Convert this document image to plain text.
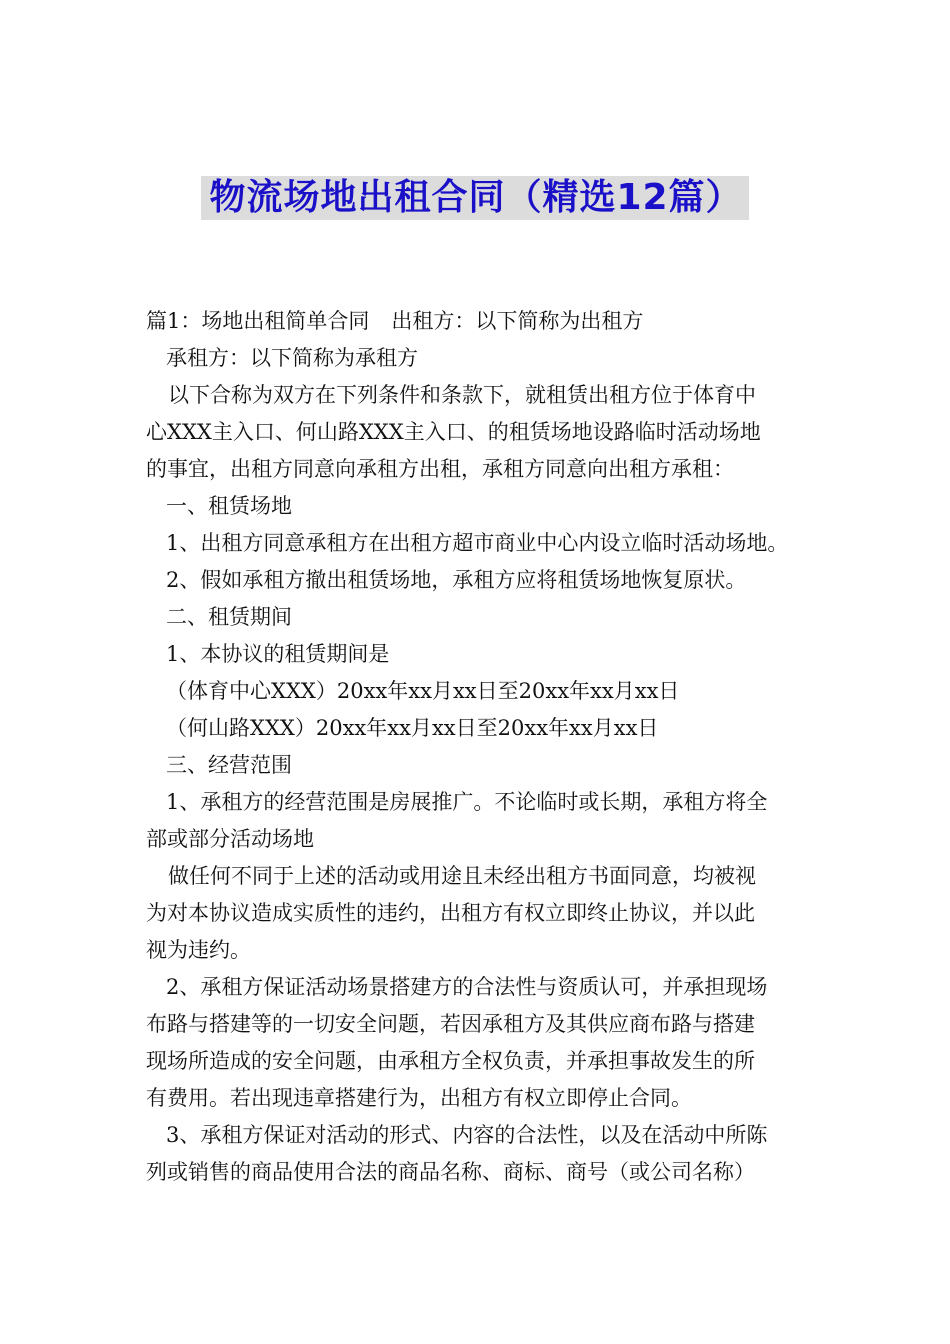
物流场地出租合同（精选12篇）
篇1：场地出租简单合同 出租方：以下简称为出租方
承租方：以下简称为承租方
以下合称为双方在下列条件和条款下，就租赁出租方位于体育中
心XXX主入口、何山路XXX主入口、的租赁场地设路临时活动场地
的事宜，出租方同意向承租方出租，承租方同意向出租方承租：
一、租赁场地
1、出租方同意承租方在出租方超市商业中心内设立临时活动场地。
2、假如承租方撤出租赁场地，承租方应将租赁场地恢复原状。
二、租赁期间
1、本协议的租赁期间是
（体育中心XXX）20xx年xx月xx日至20xx年xx月xx日
（何山路XXX）20xx年xx月xx日至20xx年xx月xx日
三、经营范围
1、承租方的经营范围是房展推广。不论临时或长期，承租方将全
部或部分活动场地
做任何不同于上述的活动或用途且未经出租方书面同意，均被视
为对本协议造成实质性的违约，出租方有权立即终止协议，并以此
视为违约。
2、承租方保证活动场景搭建方的合法性与资质认可，并承担现场
布路与搭建等的一切安全问题，若因承租方及其供应商布路与搭建
现场所造成的安全问题，由承租方全权负责，并承担事故发生的所
有费用。若出现违章搭建行为，出租方有权立即停止合同。
3、承租方保证对活动的形式、内容的合法性，以及在活动中所陈
列或销售的商品使用合法的商品名称、商标、商号（或公司名称）
